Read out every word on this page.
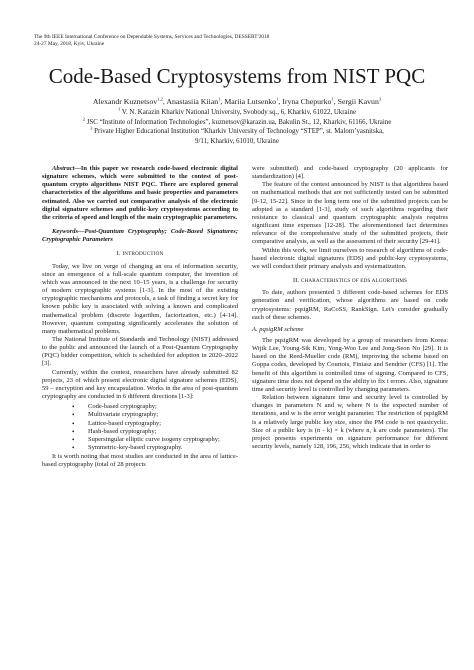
The 9th IEEE International Conference on Dependable Systems, Services and Technologies, DESSERT'2018
24-27 May, 2018, Kyiv, Ukraine
Code-Based Cryptosystems from NIST PQC
Alexandr Kuznetsov$^{1,2}$, Anastasiia Kiian$^1$, Mariia Lutsenko$^1$, Iryna Chepurko$^1$, Sergii Kavun$^3$
$^1$ V. N. Karazin Kharkiv National University, Svobody sq., 6, Kharkiv, 61022, Ukraine
$^2$ JSC “Institute of Information Technologies”, kuznetsov@karazin.ua, Bakulin St., 12, Kharkiv, 61166, Ukraine
$^3$ Private Higher Educational Institution “Kharkiv University of Technology “STEP”, st. Malom’yasnitska,
9/11, Kharkiv, 61010, Ukraine

Abstract—In this paper we research code-based electronic digital signature schemes, which were submitted to the contest of post-quantum crypto algorithms NIST PQC. There are explored general characteristics of the algorithms and basic properties and parameters estimated. Also we carried out comparative analysis of the electronic digital signature schemes and public-key cryptosystems according to the criteria of speed and length of the main cryptographic parameters.

Keywords—Post-Quantum Cryptography; Code-Based Signatures; Cryptographic Parameters

I. INTRODUCTION

Today, we live on verge of changing an era of information security, since an emergence of a full-scale quantum computer, the invention of which was announced in the next 10–15 years, is a challenge for security of modern cryptographic systems [1-3]. In the most of the existing cryptographic mechanisms and protocols, a task of finding a secret key for known public key is associated with solving a known and complicated mathematical problem (discrete logarithm, factorization, etc.) [4-14]. However, quantum computing significantly accelerates the solution of many mathematical problems.

The National Institute of Standards and Technology (NIST) addressed to the public and announced the launch of a Post-Quantum Cryptography (PQC) bidder competition, which is scheduled for adoption in 2020–2022 [3].

Currently, within the contest, researchers have already submitted 82 projects, 23 of which present electronic digital signature schemes (EDS), 59 – encryption and key encapsulation. Works in the area of post-quantum cryptography are conducted in 6 different directions [1-3]:

• Code-based cryptography;
• Multivariate cryptography;
• Lattice-based cryptography;
• Hash-based cryptography;
• Supersingular elliptic curve isogeny cryptography;
• Symmetric-key-based cryptography.

It is worth noting that most studies are conducted in the area of lattice-based cryptography (total of 28 projects

were submitted) and code-based cryptography (20 applicants for standardization) [4].

The feature of the contest announced by NIST is that algorithms based on mathematical methods that are not sufficiently tested can be submitted [9-12, 15-22]. Since in the long term one of the submitted projects can be adopted as a standard [1-3], study of such algorithms regarding their resistance to classical and quantum cryptographic analysis requires significant time expenses [12-28]. The aforementioned fact determines relevance of the comprehensive study of the submitted projects, their comparative analysis, as well as the assessment of their security [29-41].

Within this work, we limit ourselves to research of algorithms of code-based electronic digital signatures (EDS) and public-key cryptosystems, we will conduct their primary analysis and systematization.

II. CHARACTERISTICS OF EDS ALGORITHMS

To date, authors presented 3 different code-based schemes for EDS generation and verification, whose algorithms are based on code cryptosystems: pqsigRM, RaCoSS, RankSign. Let's consider gradually each of these schemes.

A. pqsigRM scheme

The pqsigRM was developed by a group of researchers from Korea: Wijik Lee, Young-Sik Kim, Yong-Woo Lee and Jong-Seon No [29]. It is based on the Reed-Mueller code (RM), improving the scheme based on Goppa codes, developed by Courtois, Finiasz and Sendrier (CFS) [1]. The benefit of this algorithm is controlled time of signing. Compared to CFS, signature time does not depend on the ability to fix t errors. Also, signature time and security level is controlled by changing parameters.

Relation between signature time and security level is controlled by changes in parameters N and w, where N is the expected number of iterations, and w is the error weight parameter. The restriction of pqsigRM is a relatively large public key size, since the PM code is not quasicyclic. Size of a public key is (n - k) × k (where n, k are code parameters). The project presents experiments on signature performance for different security levels, namely 128, 196, 256, which indicate that in order to
